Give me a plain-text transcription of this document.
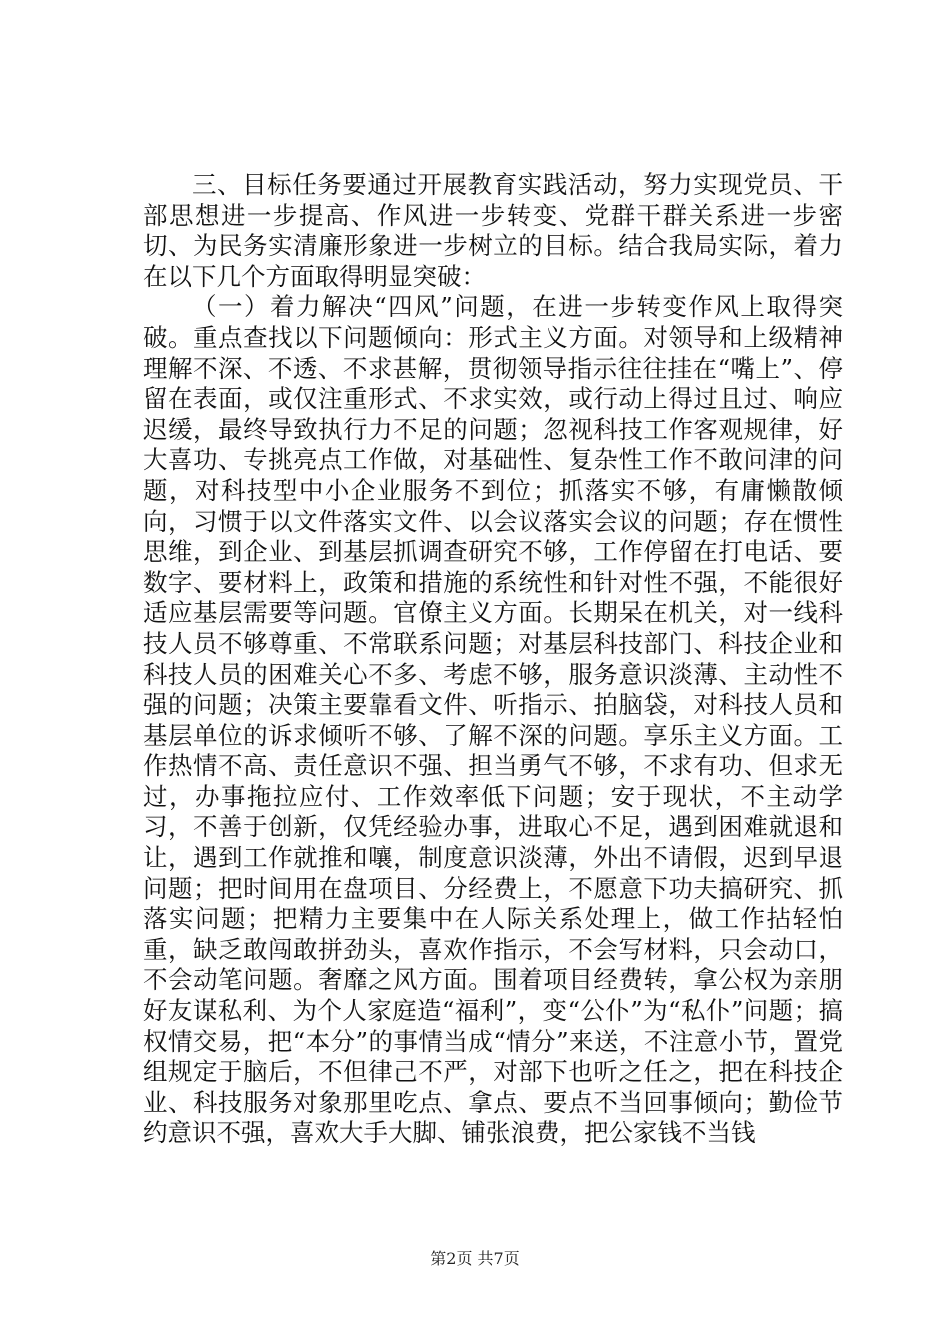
三、目标任务要通过开展教育实践活动，努力实现党员、干部思想进一步提高、作风进一步转变、党群干群关系进一步密切、为民务实清廉形象进一步树立的目标。结合我局实际，着力在以下几个方面取得明显突破：

（一）着力解决“四风”问题，在进一步转变作风上取得突破。重点查找以下问题倾向：形式主义方面。对领导和上级精神理解不深、不透、不求甚解，贯彻领导指示往往挂在“嘴上”、停留在表面，或仅注重形式、不求实效，或行动上得过且过、响应迟缓，最终导致执行力不足的问题；忽视科技工作客观规律，好大喜功、专挑亮点工作做，对基础性、复杂性工作不敢问津的问题，对科技型中小企业服务不到位；抓落实不够，有庸懒散倾向，习惯于以文件落实文件、以会议落实会议的问题；存在惯性思维，到企业、到基层抓调查研究不够，工作停留在打电话、要数字、要材料上，政策和措施的系统性和针对性不强，不能很好适应基层需要等问题。官僚主义方面。长期呆在机关，对一线科技人员不够尊重、不常联系问题；对基层科技部门、科技企业和科技人员的困难关心不多、考虑不够，服务意识淡薄、主动性不强的问题；决策主要靠看文件、听指示、拍脑袋，对科技人员和基层单位的诉求倾听不够、了解不深的问题。享乐主义方面。工作热情不高、责任意识不强、担当勇气不够，不求有功、但求无过，办事拖拉应付、工作效率低下问题；安于现状，不主动学习，不善于创新，仅凭经验办事，进取心不足，遇到困难就退和让，遇到工作就推和嚷，制度意识淡薄，外出不请假，迟到早退问题；把时间用在盘项目、分经费上，不愿意下功夫搞研究、抓落实问题；把精力主要集中在人际关系处理上，做工作拈轻怕重，缺乏敢闯敢拼劲头，喜欢作指示，不会写材料，只会动口，不会动笔问题。奢靡之风方面。围着项目经费转，拿公权为亲朋好友谋私利、为个人家庭造“福利”，变“公仆”为“私仆”问题；搞权情交易，把“本分”的事情当成“情分”来送，不注意小节，置党组规定于脑后，不但律己不严，对部下也听之任之，把在科技企业、科技服务对象那里吃点、拿点、要点不当回事倾向；勤俭节约意识不强，喜欢大手大脚、铺张浪费，把公家钱不当钱

第2页 共7页
